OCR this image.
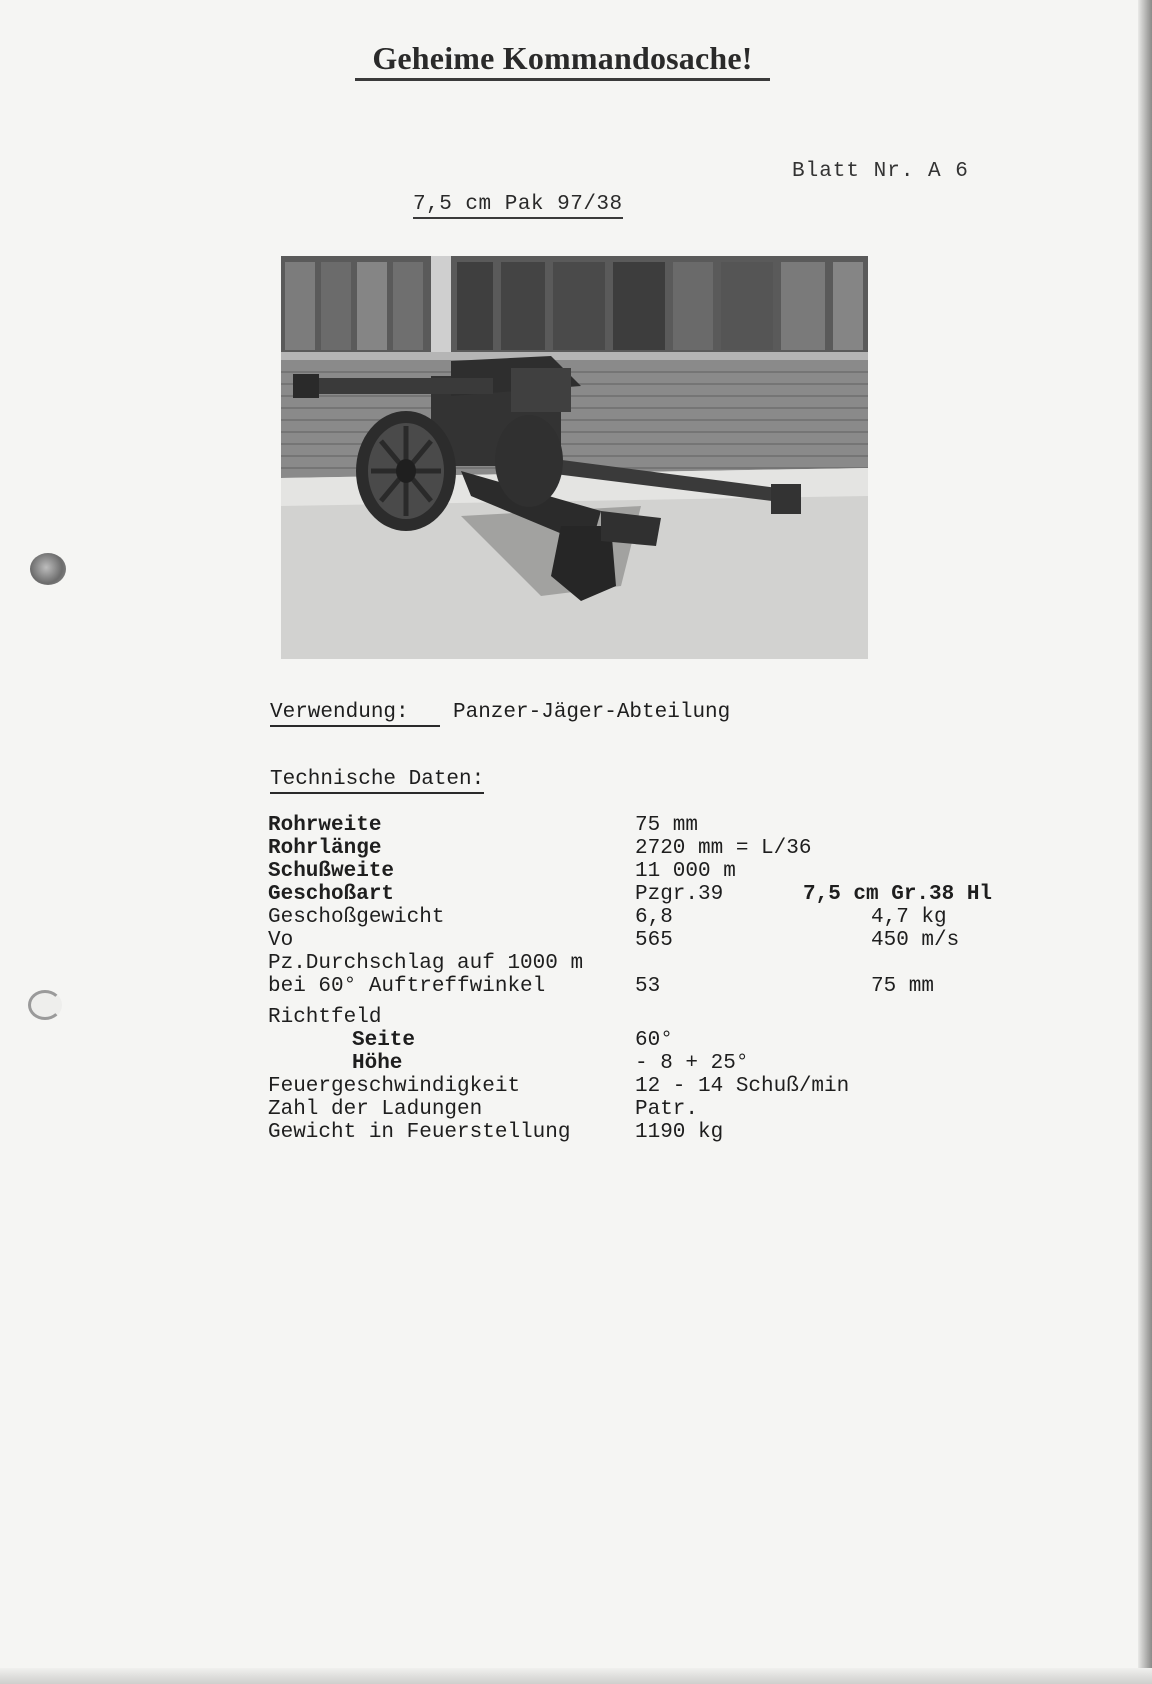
Geheime Kommandosache!
Blatt Nr. A 6
7,5 cm Pak 97/38
Verwendung:	Panzer-Jäger-Abteilung
Technische Daten:
Rohrweite	75 mm
Rohrlänge	2720 mm = L/36
Schußweite	11 000 m
Geschoßart	Pzgr.39	7,5 cm Gr.38 Hl
Geschoßgewicht	6,8	4,7 kg
Vo	565	450 m/s
Pz.Durchschlag auf 1000 m
bei 60° Auftreffwinkel	53	75 mm
Richtfeld
Seite	60°
Höhe	- 8 + 25°
Feuergeschwindigkeit	12 - 14 Schuß/min
Zahl der Ladungen	Patr.
Gewicht in Feuerstellung	1190 kg
